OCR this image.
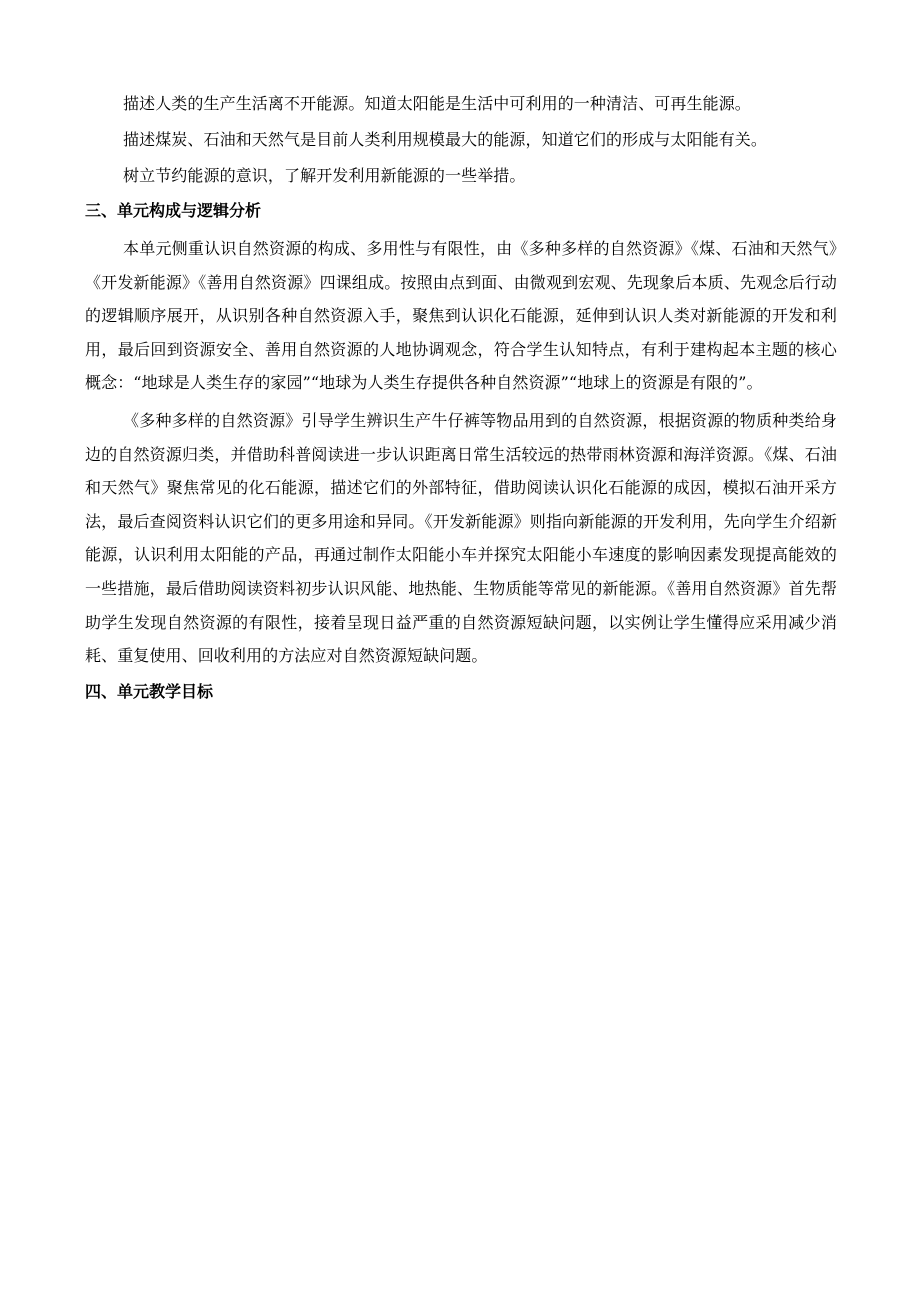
描述人类的生产生活离不开能源。知道太阳能是生活中可利用的一种清洁、可再生能源。

描述煤炭、石油和天然气是目前人类利用规模最大的能源，知道它们的形成与太阳能有关。

树立节约能源的意识，了解开发利用新能源的一些举措。

三、单元构成与逻辑分析

本单元侧重认识自然资源的构成、多用性与有限性，由《多种多样的自然资源》《煤、石油和天然气》《开发新能源》《善用自然资源》四课组成。按照由点到面、由微观到宏观、先现象后本质、先观念后行动的逻辑顺序展开，从识别各种自然资源入手，聚焦到认识化石能源，延伸到认识人类对新能源的开发和利用，最后回到资源安全、善用自然资源的人地协调观念，符合学生认知特点，有利于建构起本主题的核心概念：“地球是人类生存的家园”“地球为人类生存提供各种自然资源”“地球上的资源是有限的”。

《多种多样的自然资源》引导学生辨识生产牛仔裤等物品用到的自然资源，根据资源的物质种类给身边的自然资源归类，并借助科普阅读进一步认识距离日常生活较远的热带雨林资源和海洋资源。《煤、石油和天然气》聚焦常见的化石能源，描述它们的外部特征，借助阅读认识化石能源的成因，模拟石油开采方法，最后查阅资料认识它们的更多用途和异同。《开发新能源》则指向新能源的开发利用，先向学生介绍新能源，认识利用太阳能的产品，再通过制作太阳能小车并探究太阳能小车速度的影响因素发现提高能效的一些措施，最后借助阅读资料初步认识风能、地热能、生物质能等常见的新能源。《善用自然资源》首先帮助学生发现自然资源的有限性，接着呈现日益严重的自然资源短缺问题，以实例让学生懂得应采用减少消耗、重复使用、回收利用的方法应对自然资源短缺问题。

四、单元教学目标
